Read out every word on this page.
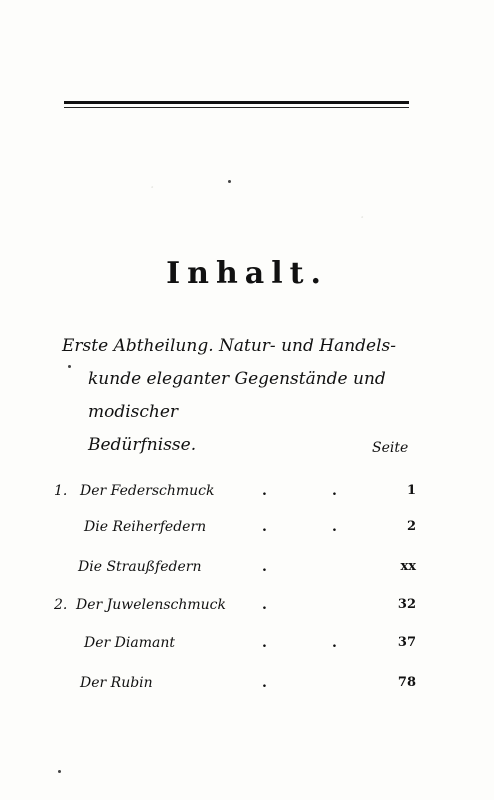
·
·
Inhalt.
Erste Abtheilung. Natur- und Handels-
kunde eleganter Gegenstände und modischer
Bedürfnisse.	Seite
1. Der Federschmuck	.	.	1
Die Reiherfedern	.	.	2
Die Straußfedern	.	xx
2. Der Juwelenschmuck	.	32
Der Diamant	.	.	37
Der Rubin	.	78
